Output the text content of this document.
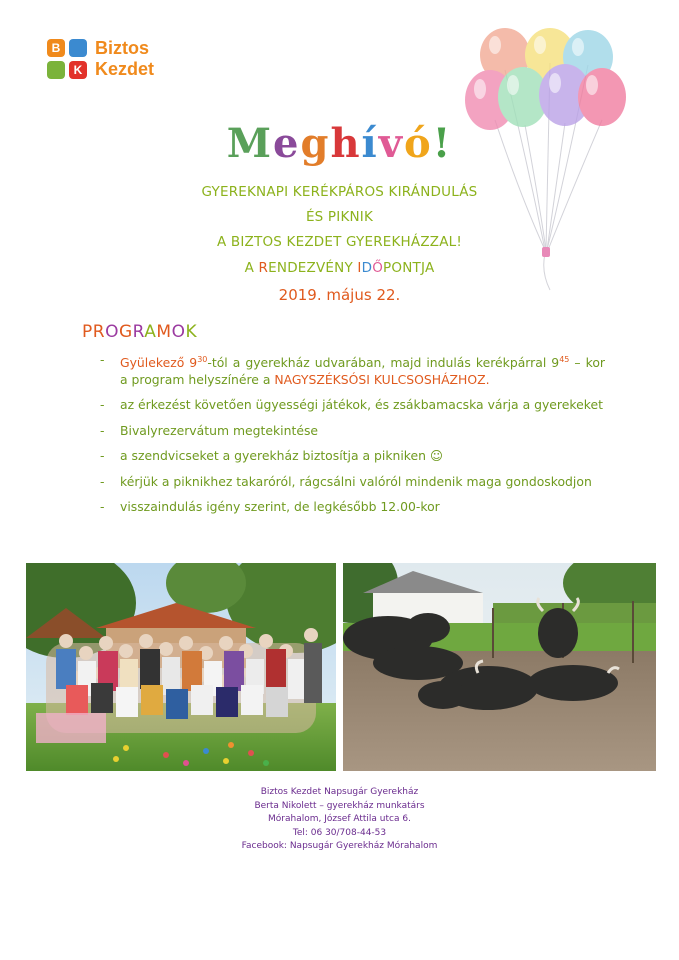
B
K
Biztos
Kezdet
Meghívó!
GYEREKNAPI KERÉKPÁROS KIRÁNDULÁS
ÉS PIKNIK
A BIZTOS KEZDET GYEREKHÁZZAL!
A RENDEZVÉNY IDŐPONTJA
2019. május 22.
PROGRAMOK
- Gyülekező $9^{30}$-tól a gyerekház udvarában, majd indulás kerékpárral $9^{45}$ – kor a program helyszínére a NAGYSZÉKSÓSI KULCSOSHÁZHOZ.
- az érkezést követően ügyességi játékok, és zsákbamacska várja a gyerekeket
- Bivalyrezervátum megtekintése
- a szendvicseket a gyerekház biztosítja a pikniken ☺
- kérjük a piknikhez takaróról, rágcsálni valóról mindenik maga gondoskodjon
- visszaindulás igény szerint, de legkésőbb 12.00-kor
Biztos Kezdet Napsugár Gyerekház
Berta Nikolett – gyerekház munkatárs
Mórahalom, József Attila utca 6.
Tel: 06 30/708-44-53
Facebook: Napsugár Gyerekház Mórahalom
